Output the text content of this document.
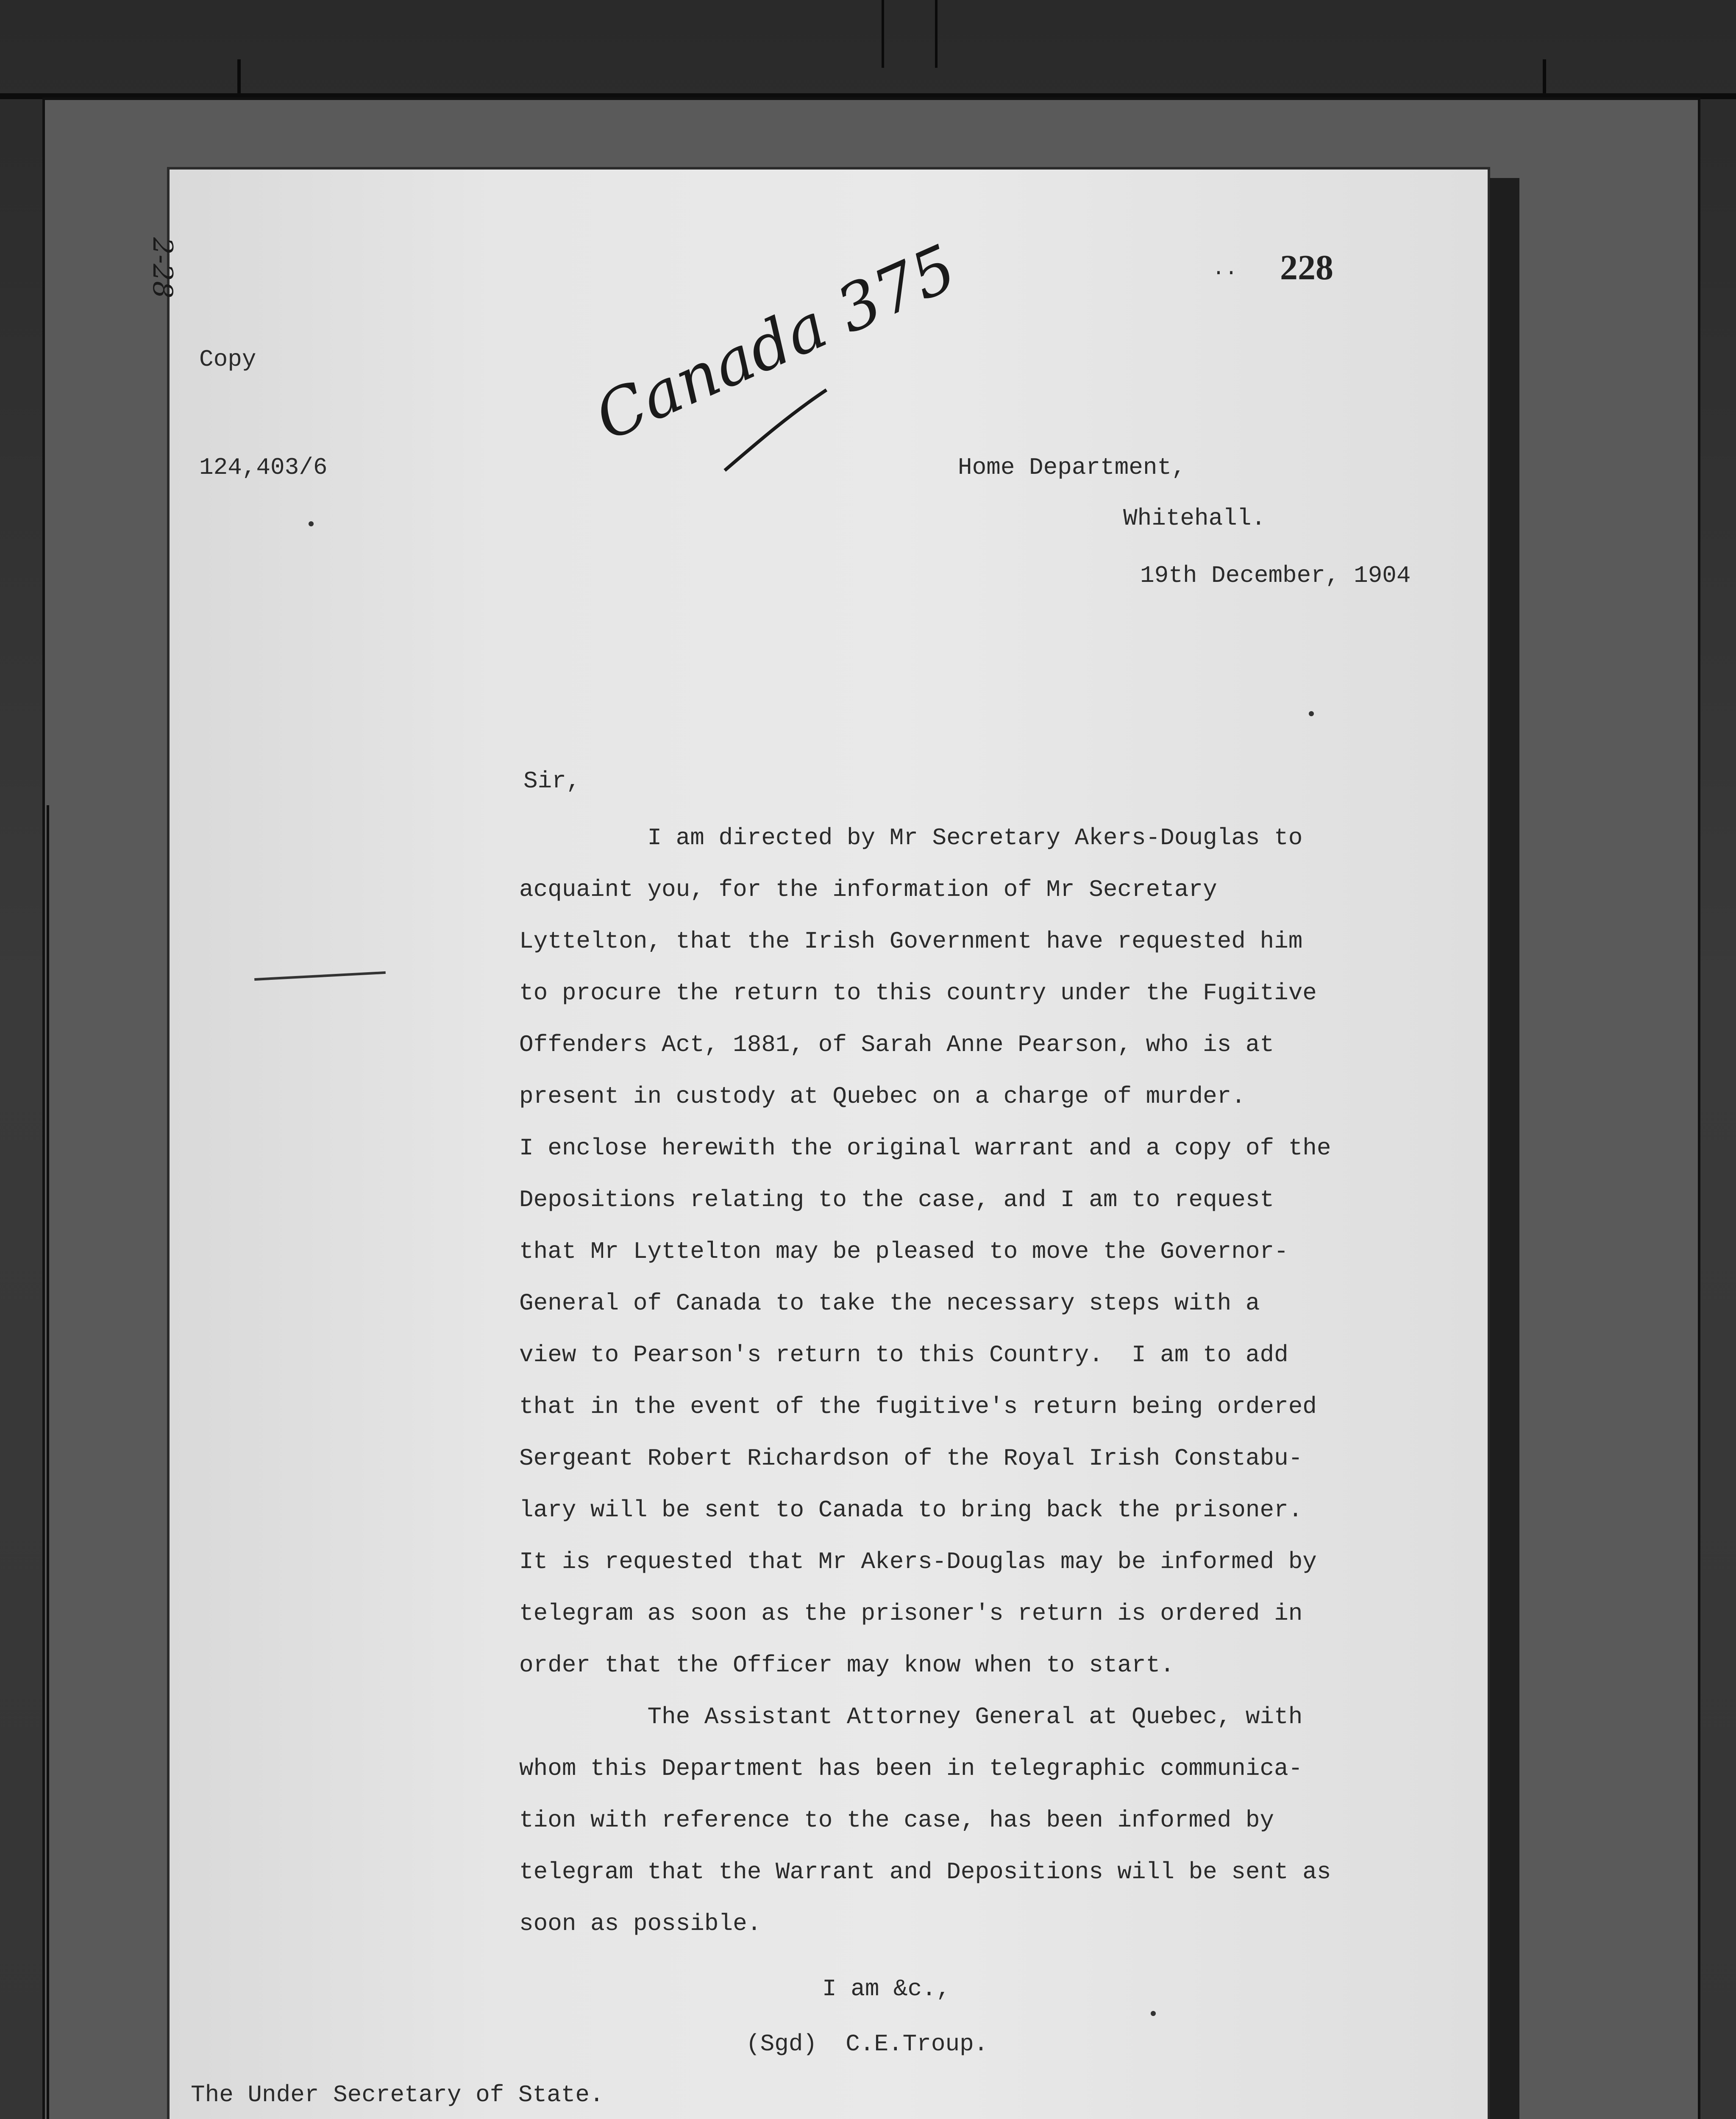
2-28	.. 228
Copy
124,403/6
Canada 375
Home Department,
Whitehall.
19th December, 1904
Sir,
I am directed by Mr Secretary Akers-Douglas to
acquaint you, for the information of Mr Secretary
Lyttelton, that the Irish Government have requested him
to procure the return to this country under the Fugitive
Offenders Act, 1881, of Sarah Anne Pearson, who is at
present in custody at Quebec on a charge of murder.
I enclose herewith the original warrant and a copy of the
Depositions relating to the case, and I am to request
that Mr Lyttelton may be pleased to move the Governor-
General of Canada to take the necessary steps with a
view to Pearson's return to this Country.  I am to add
that in the event of the fugitive's return being ordered
Sergeant Robert Richardson of the Royal Irish Constabu-
lary will be sent to Canada to bring back the prisoner.
It is requested that Mr Akers-Douglas may be informed by
telegram as soon as the prisoner's return is ordered in
order that the Officer may know when to start.
The Assistant Attorney General at Quebec, with
whom this Department has been in telegraphic communica-
tion with reference to the case, has been informed by
telegram that the Warrant and Depositions will be sent as
soon as possible.
I am &c.,
(Sgd)  C.E.Troup.
The Under Secretary of State.
